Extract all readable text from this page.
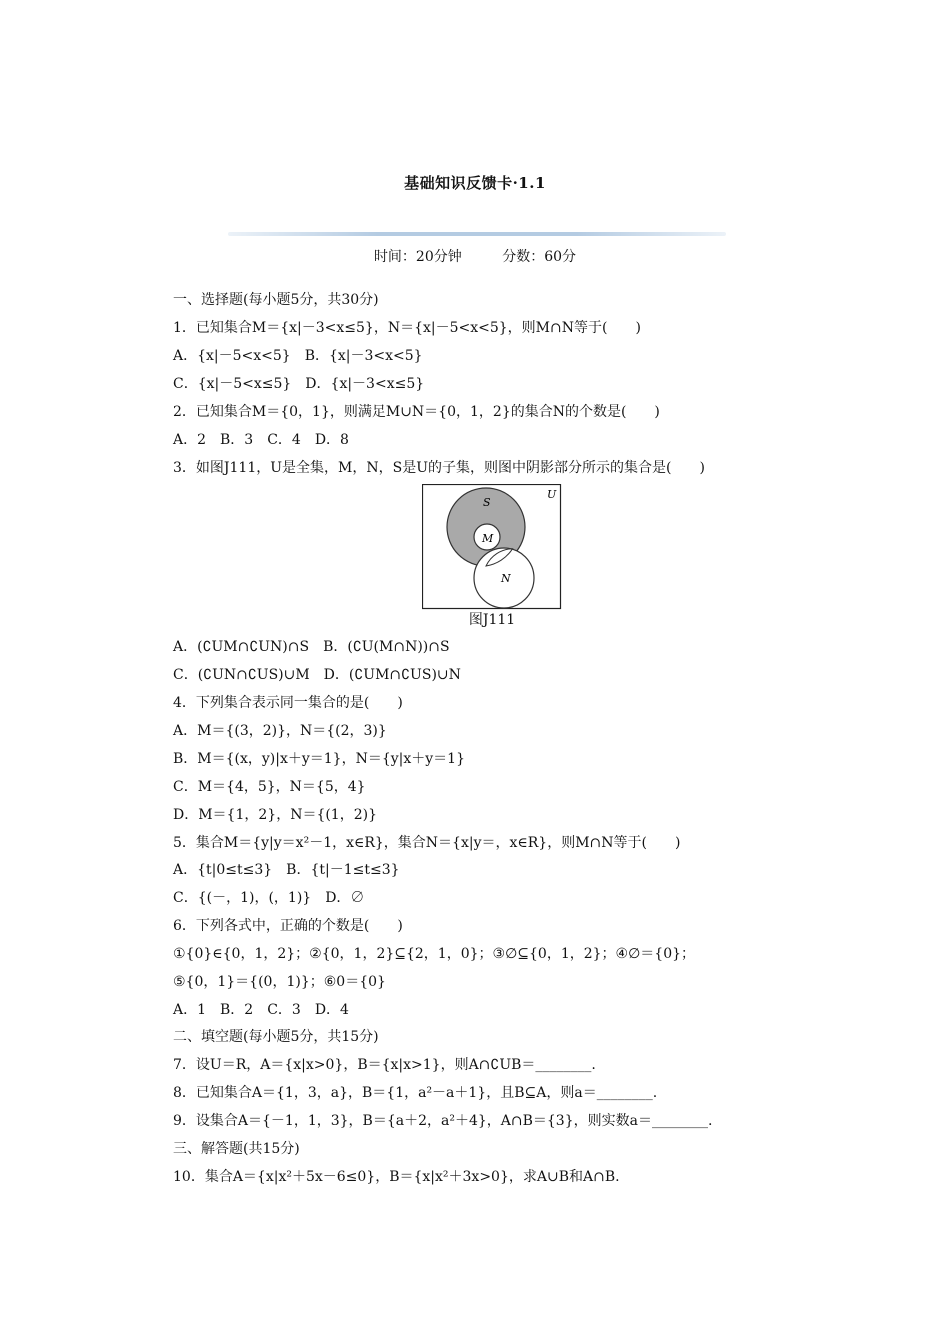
基础知识反馈卡·1.1
时间：20分钟	分数：60分
一、选择题(每小题5分，共30分)
1．已知集合M＝{x|－3<x≤5}，N＝{x|－5<x<5}，则M∩N等于(　　)
A．{x|－5<x<5}　B．{x|－3<x<5}
C．{x|－5<x≤5}　D．{x|－3<x≤5}
2．已知集合M＝{0，1}，则满足M∪N＝{0，1，2}的集合N的个数是(　　)
A．2　B．3　C．4　D．8
3．如图J111，U是全集，M，N，S是U的子集，则图中阴影部分所示的集合是(　　)
S
M
N
U
图J111
A．(∁UM∩∁UN)∩S　B．(∁U(M∩N))∩S
C．(∁UN∩∁US)∪M　D．(∁UM∩∁US)∪N
4．下列集合表示同一集合的是(　　)
A．M＝{(3，2)}，N＝{(2，3)}
B．M＝{(x，y)|x＋y＝1}，N＝{y|x＋y＝1}
C．M＝{4，5}，N＝{5，4}
D．M＝{1，2}，N＝{(1，2)}
5．集合M＝{y|y＝x²－1，x∈R}，集合N＝{x|y＝，x∈R}，则M∩N等于(　　)
A．{t|0≤t≤3}　B．{t|－1≤t≤3}
C．{(－，1)，(，1)}　D．∅
6．下列各式中，正确的个数是(　　)
①{0}∈{0，1，2}；②{0，1，2}⊆{2，1，0}；③∅⊆{0，1，2}；④∅＝{0}；
⑤{0，1}＝{(0，1)}；⑥0＝{0}
A．1　B．2　C．3　D．4
二、填空题(每小题5分，共15分)
7．设U＝R，A＝{x|x>0}，B＝{x|x>1}，则A∩∁UB＝________.
8．已知集合A＝{1，3，a}，B＝{1，a²－a＋1}，且B⊆A，则a＝________.
9．设集合A＝{－1，1，3}，B＝{a＋2，a²＋4}，A∩B＝{3}，则实数a＝________.
三、解答题(共15分)
10．集合A＝{x|x²＋5x－6≤0}，B＝{x|x²＋3x>0}，求A∪B和A∩B.
